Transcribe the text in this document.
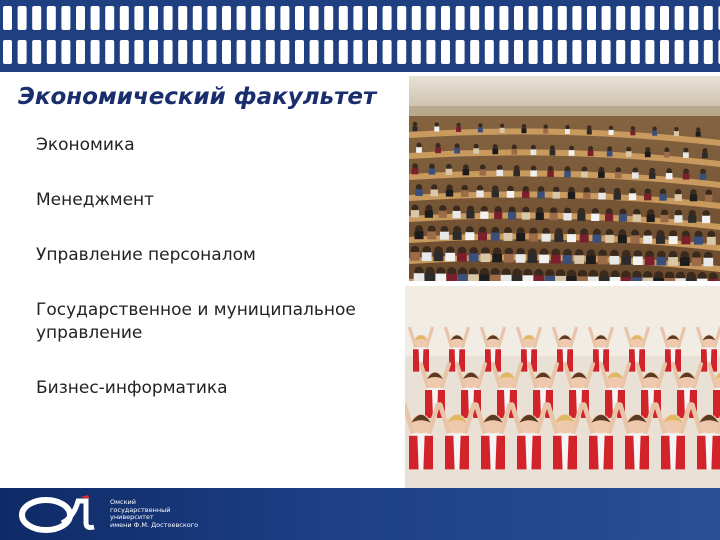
Экономический факультет
Экономика
Менеджмент
Управление персоналом
Государственное и муниципальное управление
Бизнес-информатика
Омский
государственный
университет
имени Ф.М. Достоевского
